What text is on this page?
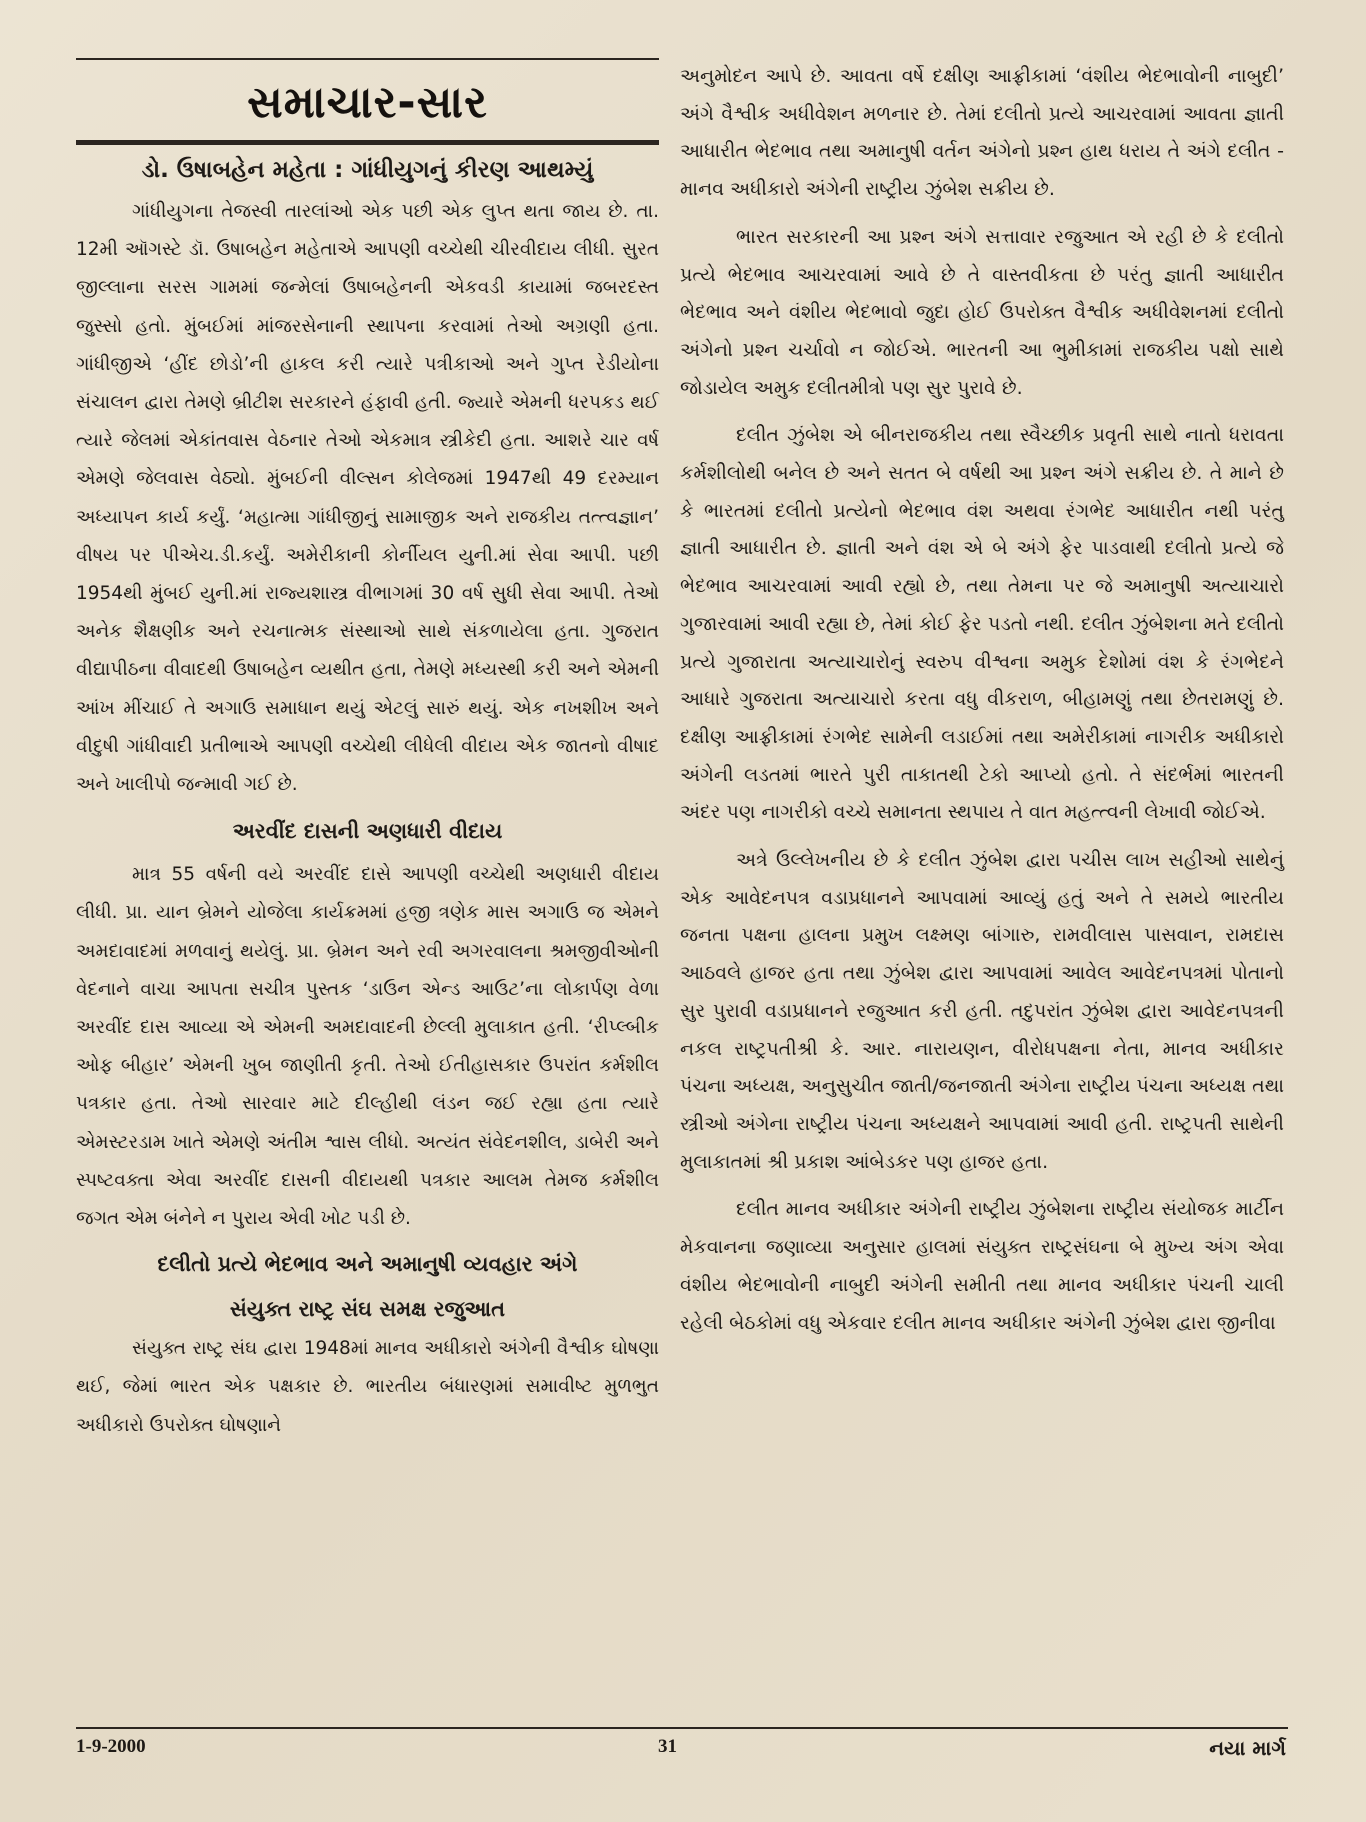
સમાચાર-સાર
ડો. ઉષાબહેન મહેતા : ગાંધીયુગનું કીરણ આથમ્યું

ગાંધીયુગના તેજસ્વી તારલાંઓ એક પછી એક લુપ્ત થતા જાય છે. તા. 12મી ઑગસ્ટે ડૉ. ઉષાબહેન મહેતાએ આપણી વચ્ચેથી ચીરવીદાય લીધી. સુરત જીલ્લાના સરસ ગામમાં જન્મેલાં ઉષાબહેનની એકવડી કાયામાં જબરદસ્ત જુસ્સો હતો. મુંબઈમાં માંજરસેનાની સ્થાપના કરવામાં તેઓ અગ્રણી હતા. ગાંધીજીએ ‘હીંદ છોડો’ની હાકલ કરી ત્યારે પત્રીકાઓ અને ગુપ્ત રેડીયોના સંચાલન દ્વારા તેમણે બ્રીટીશ સરકારને હંફાવી હતી. જ્યારે એમની ધરપકડ થઈ ત્યારે જેલમાં એકાંતવાસ વેઠનાર તેઓ એકમાત્ર સ્ત્રીકેદી હતા. આશરે ચાર વર્ષ એમણે જેલવાસ વેઠ્યો. મુંબઈની વીલ્સન કોલેજમાં 1947થી 49 દરમ્યાન અધ્યાપન કાર્ય કર્યું. ‘મહાત્મા ગાંધીજીનું સામાજીક અને રાજકીય તત્ત્વજ્ઞાન’ વીષય પર પીએચ.ડી.કર્યું. અમેરીકાની કોર્નીયલ યુની.માં સેવા આપી. પછી 1954થી મુંબઈ યુની.માં રાજ્યશાસ્ત્ર વીભાગમાં 30 વર્ષ સુધી સેવા આપી. તેઓ અનેક શૈક્ષણીક અને રચનાત્મક સંસ્થાઓ સાથે સંકળાયેલા હતા. ગુજરાત વીદ્યાપીઠના વીવાદથી ઉષાબહેન વ્યથીત હતા, તેમણે મધ્યસ્થી કરી અને એમની આંખ મીંચાઈ તે અગાઉ સમાધાન થયું એટલું સારું થયું. એક નખશીખ અને વીદુષી ગાંધીવાદી પ્રતીભાએ આપણી વચ્ચેથી લીધેલી વીદાય એક જાતનો વીષાદ અને ખાલીપો જન્માવી ગઈ છે.

અરવીંદ દાસની અણધારી વીદાય

માત્ર 55 વર્ષની વયે અરવીંદ દાસે આપણી વચ્ચેથી અણધારી વીદાય લીધી. પ્રા. યાન બ્રેમને યોજેલા કાર્યક્રમમાં હજી ત્રણેક માસ અગાઉ જ એમને અમદાવાદમાં મળવાનું થયેલું. પ્રા. બ્રેમન અને રવી અગરવાલના શ્રમજીવીઓની વેદનાને વાચા આપતા સચીત્ર પુસ્તક ‘ડાઉન એન્ડ આઉટ’ના લોકાર્પણ વેળા અરવીંદ દાસ આવ્યા એ એમની અમદાવાદની છેલ્લી મુલાકાત હતી. ‘રીપ્લ્બીક ઓફ બીહાર’ એમની ખુબ જાણીતી કૃતી. તેઓ ઈતીહાસકાર ઉપરાંત કર્મશીલ પત્રકાર હતા. તેઓ સારવાર માટે દીલ્હીથી લંડન જઈ રહ્યા હતા ત્યારે એમસ્ટરડામ ખાતે એમણે અંતીમ શ્વાસ લીધો. અત્યંત સંવેદનશીલ, ડાબેરી અને સ્પષ્ટવક્તા એવા અરવીંદ દાસની વીદાયથી પત્રકાર આલમ તેમજ કર્મશીલ જગત એમ બંનેને ન પુરાય એવી ખોટ પડી છે.

દલીતો પ્રત્યે ભેદભાવ અને અમાનુષી વ્યવહાર અંગે
સંયુક્ત રાષ્ટ્ર સંઘ સમક્ષ રજુઆત

સંયુક્ત રાષ્ટ્ર સંઘ દ્વારા 1948માં માનવ અધીકારો અંગેની વૈશ્વીક ઘોષણા થઈ, જેમાં ભારત એક પક્ષકાર છે. ભારતીય બંધારણમાં સમાવીષ્ટ મુળભુત અધીકારો ઉપરોક્ત ઘોષણાને

અનુમોદન આપે છે. આવતા વર્ષે દક્ષીણ આફ્રીકામાં ‘વંશીય ભેદભાવોની નાબુદી’ અંગે વૈશ્વીક અધીવેશન મળનાર છે. તેમાં દલીતો પ્રત્યે આચરવામાં આવતા જ્ઞાતી આધારીત ભેદભાવ તથા અમાનુષી વર્તન અંગેનો પ્રશ્ન હાથ ધરાય તે અંગે દલીત - માનવ અધીકારો અંગેની રાષ્ટ્રીય ઝુંબેશ સક્રીય છે.

ભારત સરકારની આ પ્રશ્ન અંગે સત્તાવાર રજુઆત એ રહી છે કે દલીતો પ્રત્યે ભેદભાવ આચરવામાં આવે છે તે વાસ્તવીકતા છે પરંતુ જ્ઞાતી આધારીત ભેદભાવ અને વંશીય ભેદભાવો જુદા હોઈ ઉપરોક્ત વૈશ્વીક અધીવેશનમાં દલીતો અંગેનો પ્રશ્ન ચર્ચાવો ન જોઈએ. ભારતની આ ભુમીકામાં રાજકીય પક્ષો સાથે જોડાયેલ અમુક દલીતમીત્રો પણ સુર પુરાવે છે.

દલીત ઝુંબેશ એ બીનરાજકીય તથા સ્વૈચ્છીક પ્રવૃતી સાથે નાતો ધરાવતા કર્મશીલોથી બનેલ છે અને સતત બે વર્ષથી આ પ્રશ્ન અંગે સક્રીય છે. તે માને છે કે ભારતમાં દલીતો પ્રત્યેનો ભેદભાવ વંશ અથવા રંગભેદ આધારીત નથી પરંતુ જ્ઞાતી આધારીત છે. જ્ઞાતી અને વંશ એ બે અંગે ફેર પાડવાથી દલીતો પ્રત્યે જે ભેદભાવ આચરવામાં આવી રહ્યો છે, તથા તેમના પર જે અમાનુષી અત્યાચારો ગુજારવામાં આવી રહ્યા છે, તેમાં કોઈ ફેર પડતો નથી. દલીત ઝુંબેશના મતે દલીતો પ્રત્યે ગુજારાતા અત્યાચારોનું સ્વરુપ વીશ્વના અમુક દેશોમાં વંશ કે રંગભેદને આધારે ગુજરાતા અત્યાચારો કરતા વધુ વીકરાળ, બીહામણું તથા છેતરામણું છે. દક્ષીણ આફ્રીકામાં રંગભેદ સામેની લડાઈમાં તથા અમેરીકામાં નાગરીક અધીકારો અંગેની લડતમાં ભારતે પુરી તાકાતથી ટેકો આપ્યો હતો. તે સંદર્ભમાં ભારતની અંદર પણ નાગરીકો વચ્ચે સમાનતા સ્થપાય તે વાત મહત્ત્વની લેખાવી જોઈએ.

અત્રે ઉલ્લેખનીય છે કે દલીત ઝુંબેશ દ્વારા પચીસ લાખ સહીઓ સાથેનું એક આવેદનપત્ર વડાપ્રધાનને આપવામાં આવ્યું હતું અને તે સમયે ભારતીય જનતા પક્ષના હાલના પ્રમુખ લક્ષ્મણ બાંગારુ, રામવીલાસ પાસવાન, રામદાસ આઠવલે હાજર હતા તથા ઝુંબેશ દ્વારા આપવામાં આવેલ આવેદનપત્રમાં પોતાનો સુર પુરાવી વડાપ્રધાનને રજુઆત કરી હતી. તદુપરાંત ઝુંબેશ દ્વારા આવેદનપત્રની નકલ રાષ્ટ્રપતીશ્રી કે. આર. નારાયણન, વીરોધપક્ષના નેતા, માનવ અધીકાર પંચના અધ્યક્ષ, અનુસુચીત જાતી/જનજાતી અંગેના રાષ્ટ્રીય પંચના અધ્યક્ષ તથા સ્ત્રીઓ અંગેના રાષ્ટ્રીય પંચના અધ્યક્ષને આપવામાં આવી હતી. રાષ્ટ્રપતી સાથેની મુલાકાતમાં શ્રી પ્રકાશ આંબેડકર પણ હાજર હતા.

દલીત માનવ અધીકાર અંગેની રાષ્ટ્રીય ઝુંબેશના રાષ્ટ્રીય સંયોજક માર્ટીન મેકવાનના જણાવ્યા અનુસાર હાલમાં સંયુક્ત રાષ્ટ્રસંઘના બે મુખ્ય અંગ એવા વંશીય ભેદભાવોની નાબુદી અંગેની સમીતી તથા માનવ અધીકાર પંચની ચાલી રહેલી બેઠકોમાં વધુ એકવાર દલીત માનવ અધીકાર અંગેની ઝુંબેશ દ્વારા જીનીવા

1-9-2000	31	નયા માર્ગ
